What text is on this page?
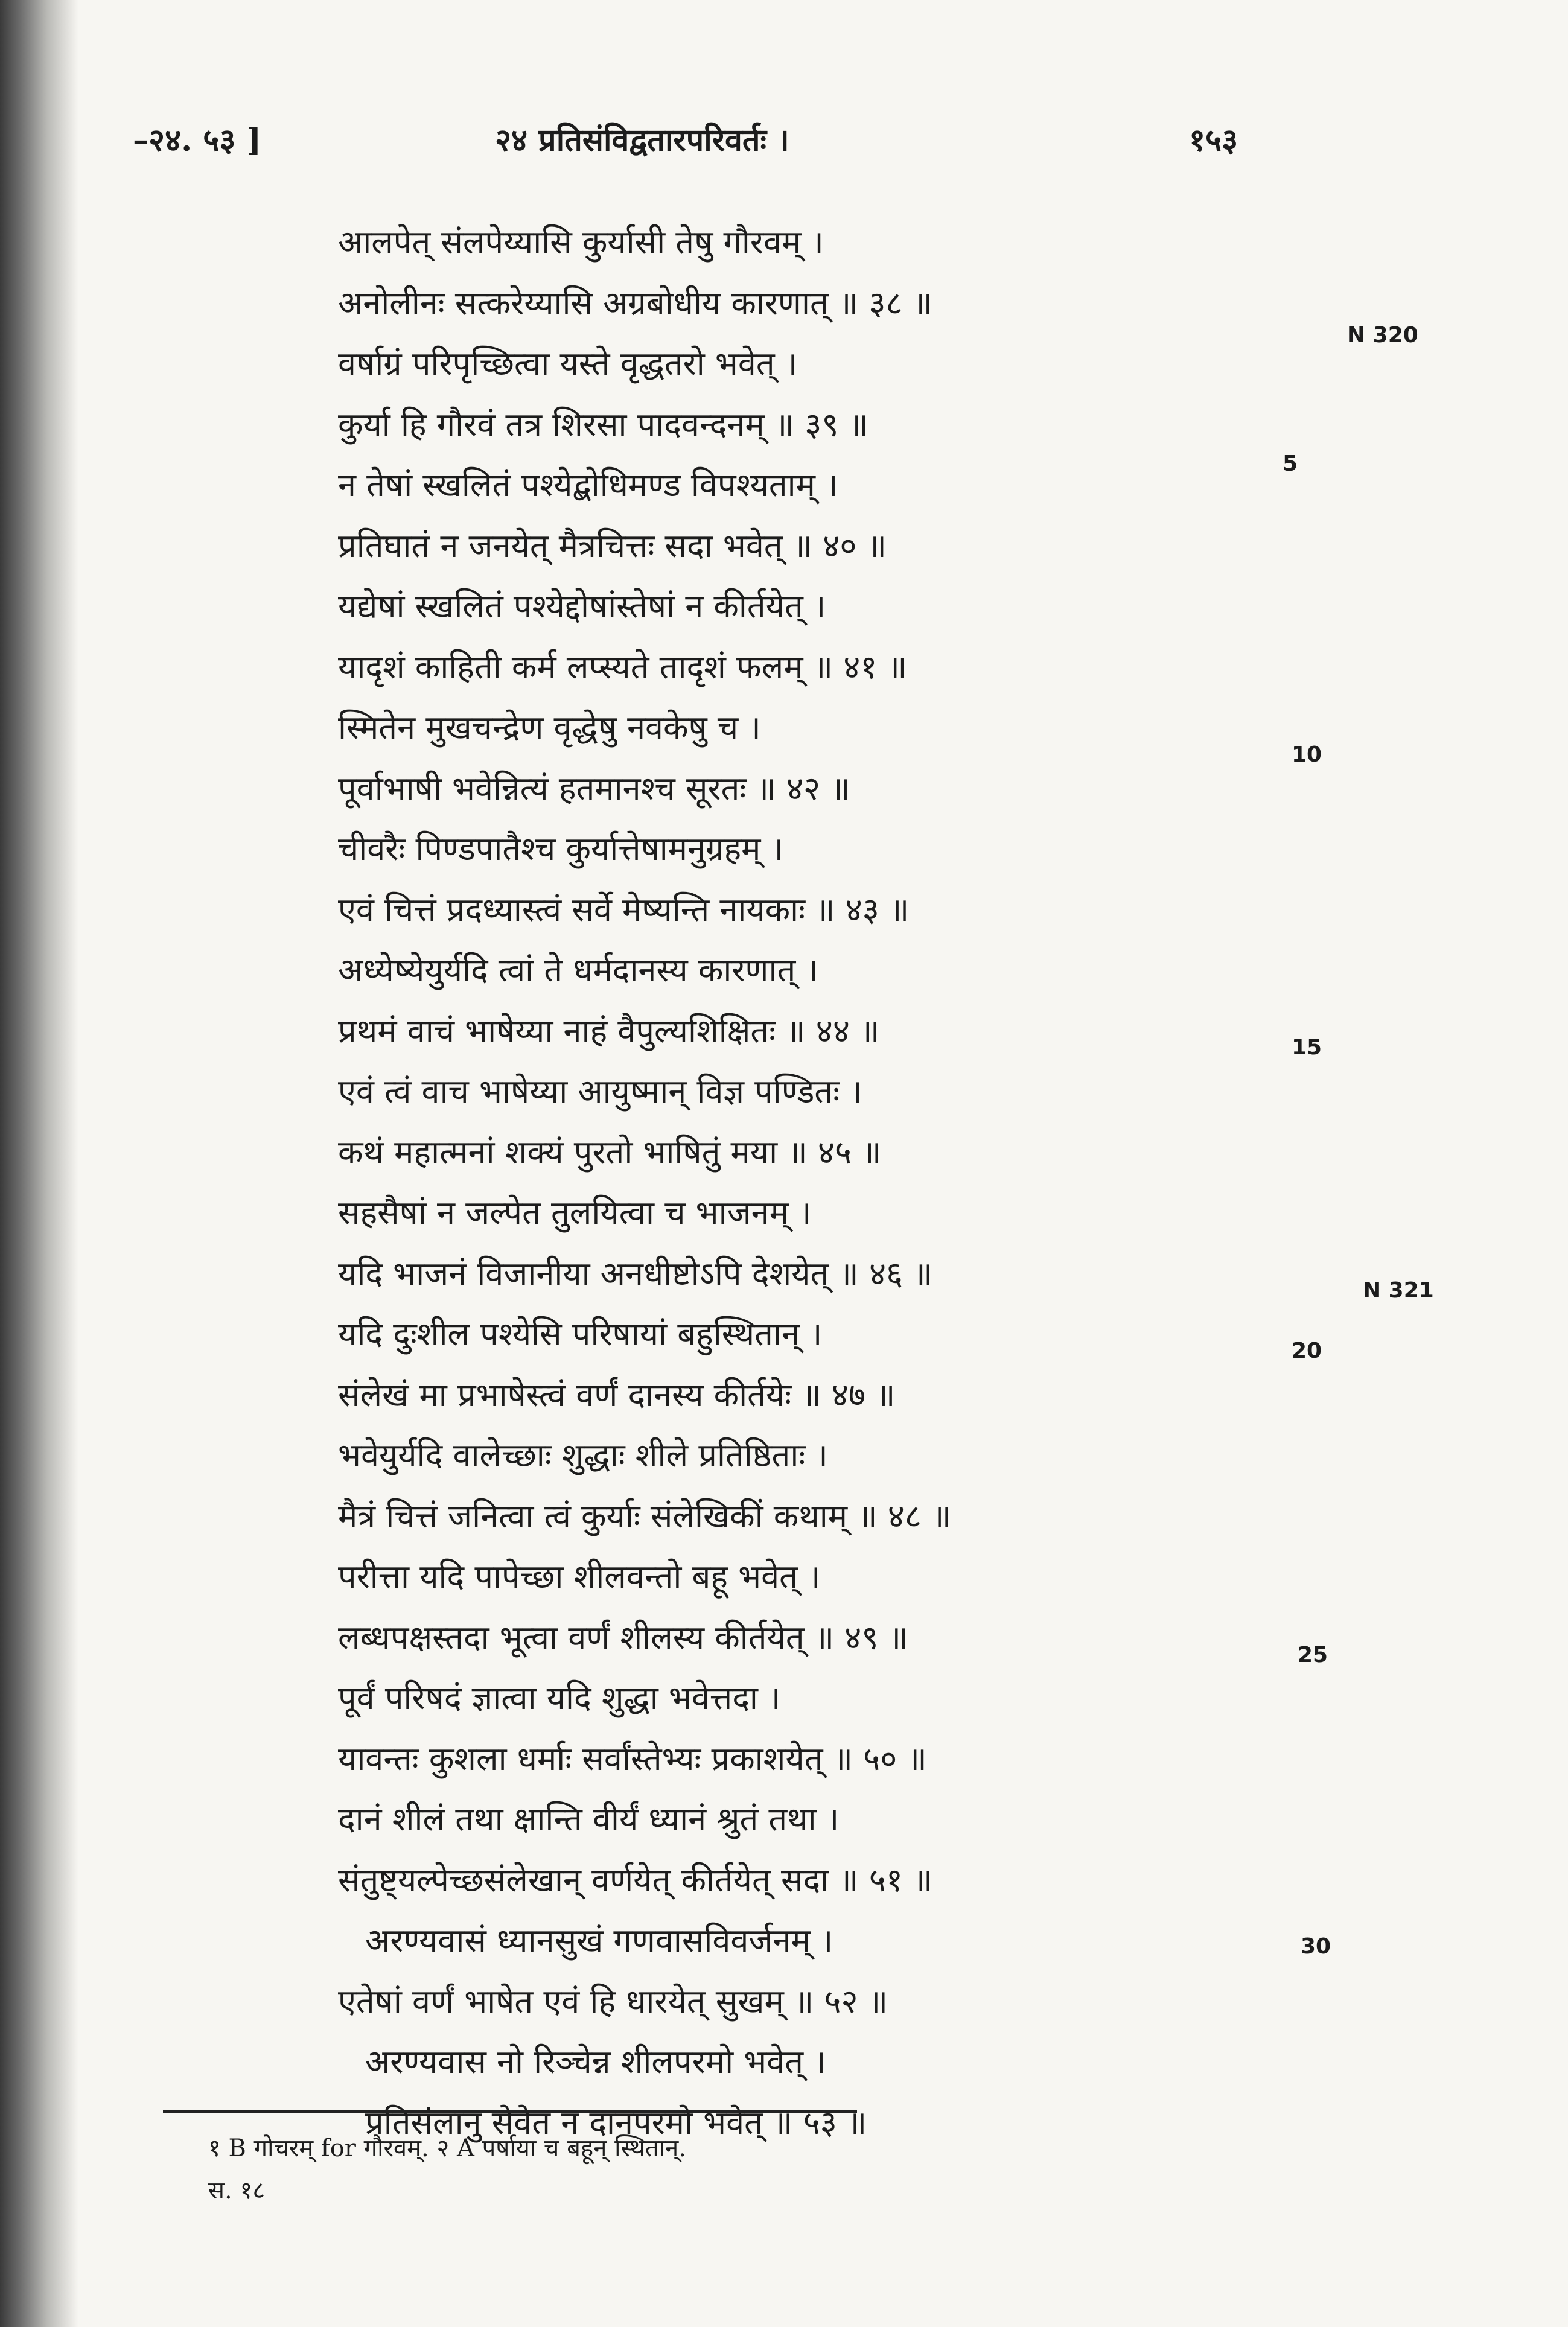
–२४. ५३ ]	२४ प्रतिसंविद्वतारपरिवर्तः ।	१५३
आलपेत् संलपेय्यासि कुर्यासी तेषु गौरवम् ।
अनोलीनः सत्करेय्यासि अग्रबोधीय कारणात् ॥ ३८ ॥
वर्षाग्रं परिपृच्छित्वा यस्ते वृद्धतरो भवेत् ।
कुर्या हि गौरवं तत्र शिरसा पादवन्दनम् ॥ ३९ ॥
न तेषां स्खलितं पश्येद्बोधिमण्ड विपश्यताम् ।
प्रतिघातं न जनयेत् मैत्रचित्तः सदा भवेत् ॥ ४० ॥
यद्येषां स्खलितं पश्येद्दोषांस्तेषां न कीर्तयेत् ।
यादृशं काहिती कर्म लप्स्यते तादृशं फलम् ॥ ४१ ॥
स्मितेन मुखचन्द्रेण वृद्धेषु नवकेषु च ।
पूर्वाभाषी भवेन्नित्यं हतमानश्च सूरतः ॥ ४२ ॥
चीवरैः पिण्डपातैश्च कुर्यात्तेषामनुग्रहम् ।
एवं चित्तं प्रदध्यास्त्वं सर्वे मेष्यन्ति नायकाः ॥ ४३ ॥
अध्येष्येयुर्यदि त्वां ते धर्मदानस्य कारणात् ।
प्रथमं वाचं भाषेय्या नाहं वैपुल्यशिक्षितः ॥ ४४ ॥
एवं त्वं वाच भाषेय्या आयुष्मान् विज्ञ पण्डितः ।
कथं महात्मनां शक्यं पुरतो भाषितुं मया ॥ ४५ ॥
सहसैषां न जल्पेत तुलयित्वा च भाजनम् ।
यदि भाजनं विजानीया अनधीष्टोऽपि देशयेत् ॥ ४६ ॥
यदि दुःशील पश्येसि परिषायां बहुस्थितान् ।
संलेखं मा प्रभाषेस्त्वं वर्णं दानस्य कीर्तयेः ॥ ४७ ॥
भवेयुर्यदि वालेच्छाः शुद्धाः शीले प्रतिष्ठिताः ।
मैत्रं चित्तं जनित्वा त्वं कुर्याः संलेखिकीं कथाम् ॥ ४८ ॥
परीत्ता यदि पापेच्छा शीलवन्तो बहू भवेत् ।
लब्धपक्षस्तदा भूत्वा वर्णं शीलस्य कीर्तयेत् ॥ ४९ ॥
पूर्वं परिषदं ज्ञात्वा यदि शुद्धा भवेत्तदा ।
यावन्तः कुशला धर्माः सर्वांस्तेभ्यः प्रकाशयेत् ॥ ५० ॥
दानं शीलं तथा क्षान्ति वीर्यं ध्यानं श्रुतं तथा ।
संतुष्ट्यल्पेच्छसंलेखान् वर्णयेत् कीर्तयेत् सदा ॥ ५१ ॥
अरण्यवासं ध्यानसुखं गणवासविवर्जनम् ।
एतेषां वर्णं भाषेत एवं हि धारयेत् सुखम् ॥ ५२ ॥
अरण्यवास नो रिञ्चेन्न शीलपरमो भवेत् ।
प्रतिसंलानु सेवेत न दानपरमो भवेत् ॥ ५३ ॥
N 320
N 321
5
10
15
20
25
30
१ B गोचरम् for गौरवम्. २ A पर्षाया च बहून् स्थितान्.
स. १८
